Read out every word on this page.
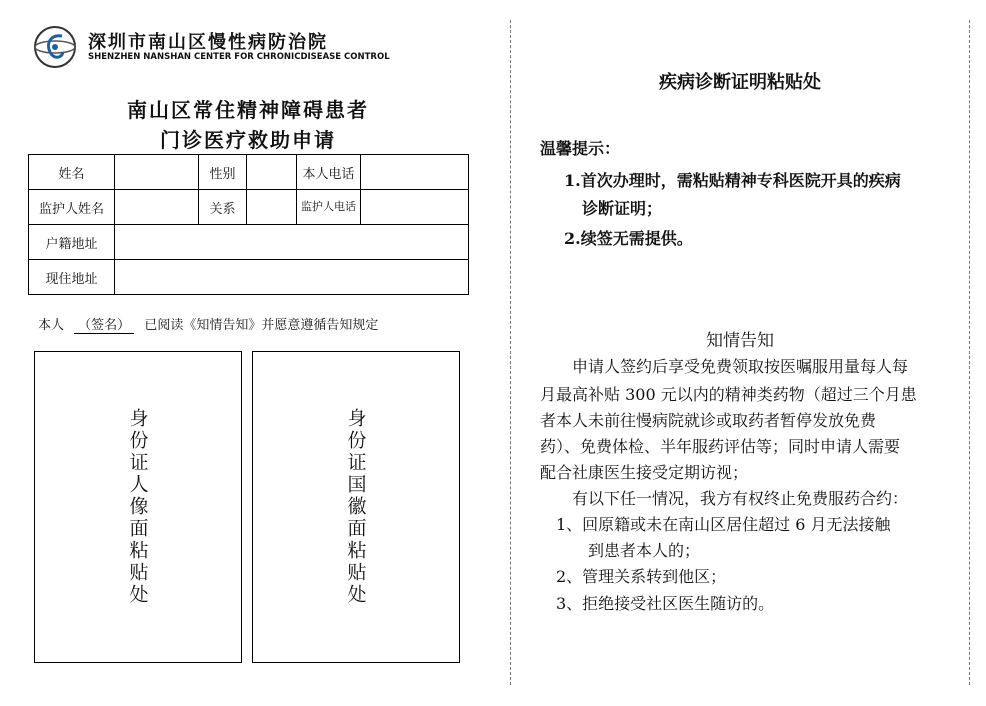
深圳市南山区慢性病防治院
SHENZHEN NANSHAN CENTER FOR CHRONICDISEASE CONTROL
南山区常住精神障碍患者
门诊医疗救助申请
姓名		性别		本人电话	
监护人姓名		关系		监护人电话	
户籍地址					
现住地址					
本人 （签名） 已阅读《知情告知》并愿意遵循告知规定
身份证人像面粘贴处	身份证国徽面粘贴处
疾病诊断证明粘贴处
温馨提示：
1.首次办理时，需粘贴精神专科医院开具的疾病
诊断证明；
2.续签无需提供。
知情告知
　　申请人签约后享受免费领取按医嘱服用量每人每
月最高补贴 300 元以内的精神类药物（超过三个月患
者本人未前往慢病院就诊或取药者暂停发放免费
药）、免费体检、半年服药评估等；同时申请人需要
配合社康医生接受定期访视；
　　有以下任一情况，我方有权终止免费服药合约：
　1、回原籍或未在南山区居住超过 6 月无法接触
　　　到患者本人的；
　2、管理关系转到他区；
　3、拒绝接受社区医生随访的。
